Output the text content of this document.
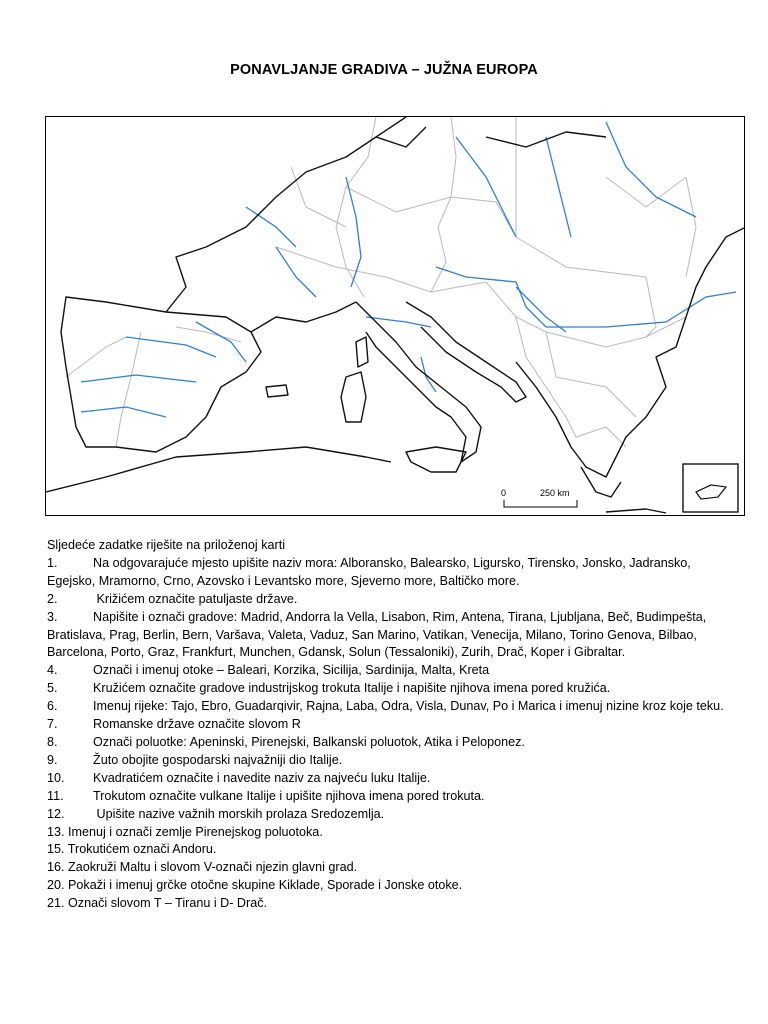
PONAVLJANJE GRADIVA – JUŽNA EUROPA
0	250 km

Sljedeće zadatke riješite na priloženoj karti

1.	Na odgovarajuće mjesto upišite naziv mora: Alboransko, Balearsko, Ligursko, Tirensko, Jonsko, Jadransko, Egejsko, Mramorno, Crno, Azovsko i Levantsko more, Sjeverno more, Baltičko more.

2.	Križićem označite patuljaste države.

3.	Napišite i označi gradove: Madrid, Andorra la Vella, Lisabon, Rim, Antena, Tirana, Ljubljana, Beč, Budimpešta, Bratislava, Prag, Berlin, Bern, Varšava, Valeta, Vaduz, San Marino, Vatikan, Venecija, Milano, Torino Genova, Bilbao, Barcelona, Porto, Graz, Frankfurt, Munchen, Gdansk, Solun (Tessaloniki), Zurih, Drač, Koper i Gibraltar.

4.	Označi i imenuj otoke – Baleari, Korzika, Sicilija, Sardinija, Malta, Kreta

5.	Kružićem označite gradove industrijskog trokuta Italije i napišite njihova imena pored kružića.

6.	Imenuj rijeke: Tajo, Ebro, Guadarqivir, Rajna, Laba, Odra, Visla, Dunav, Po i Marica i imenuj nizine kroz koje teku.

7.	Romanske države označite slovom R

8.	Označi poluotke: Apeninski, Pirenejski, Balkanski poluotok, Atika i Peloponez.

9.	Žuto obojite gospodarski najvažniji dio Italije.

10. Kvadratićem označite i navedite naziv za najveću luku Italije.

11. Trokutom označite vulkane Italije i upišite njihova imena pored trokuta.

12. Upišite nazive važnih morskih prolaza Sredozemlja.

13. Imenuj i označi zemlje Pirenejskog poluotoka.

15. Trokutićem označi Andoru.

16. Zaokruži Maltu i slovom V-označi njezin glavni grad.

20. Pokaži i imenuj grčke otočne skupine Kiklade, Sporade i Jonske otoke.

21. Označi slovom T – Tiranu i D- Drač.
